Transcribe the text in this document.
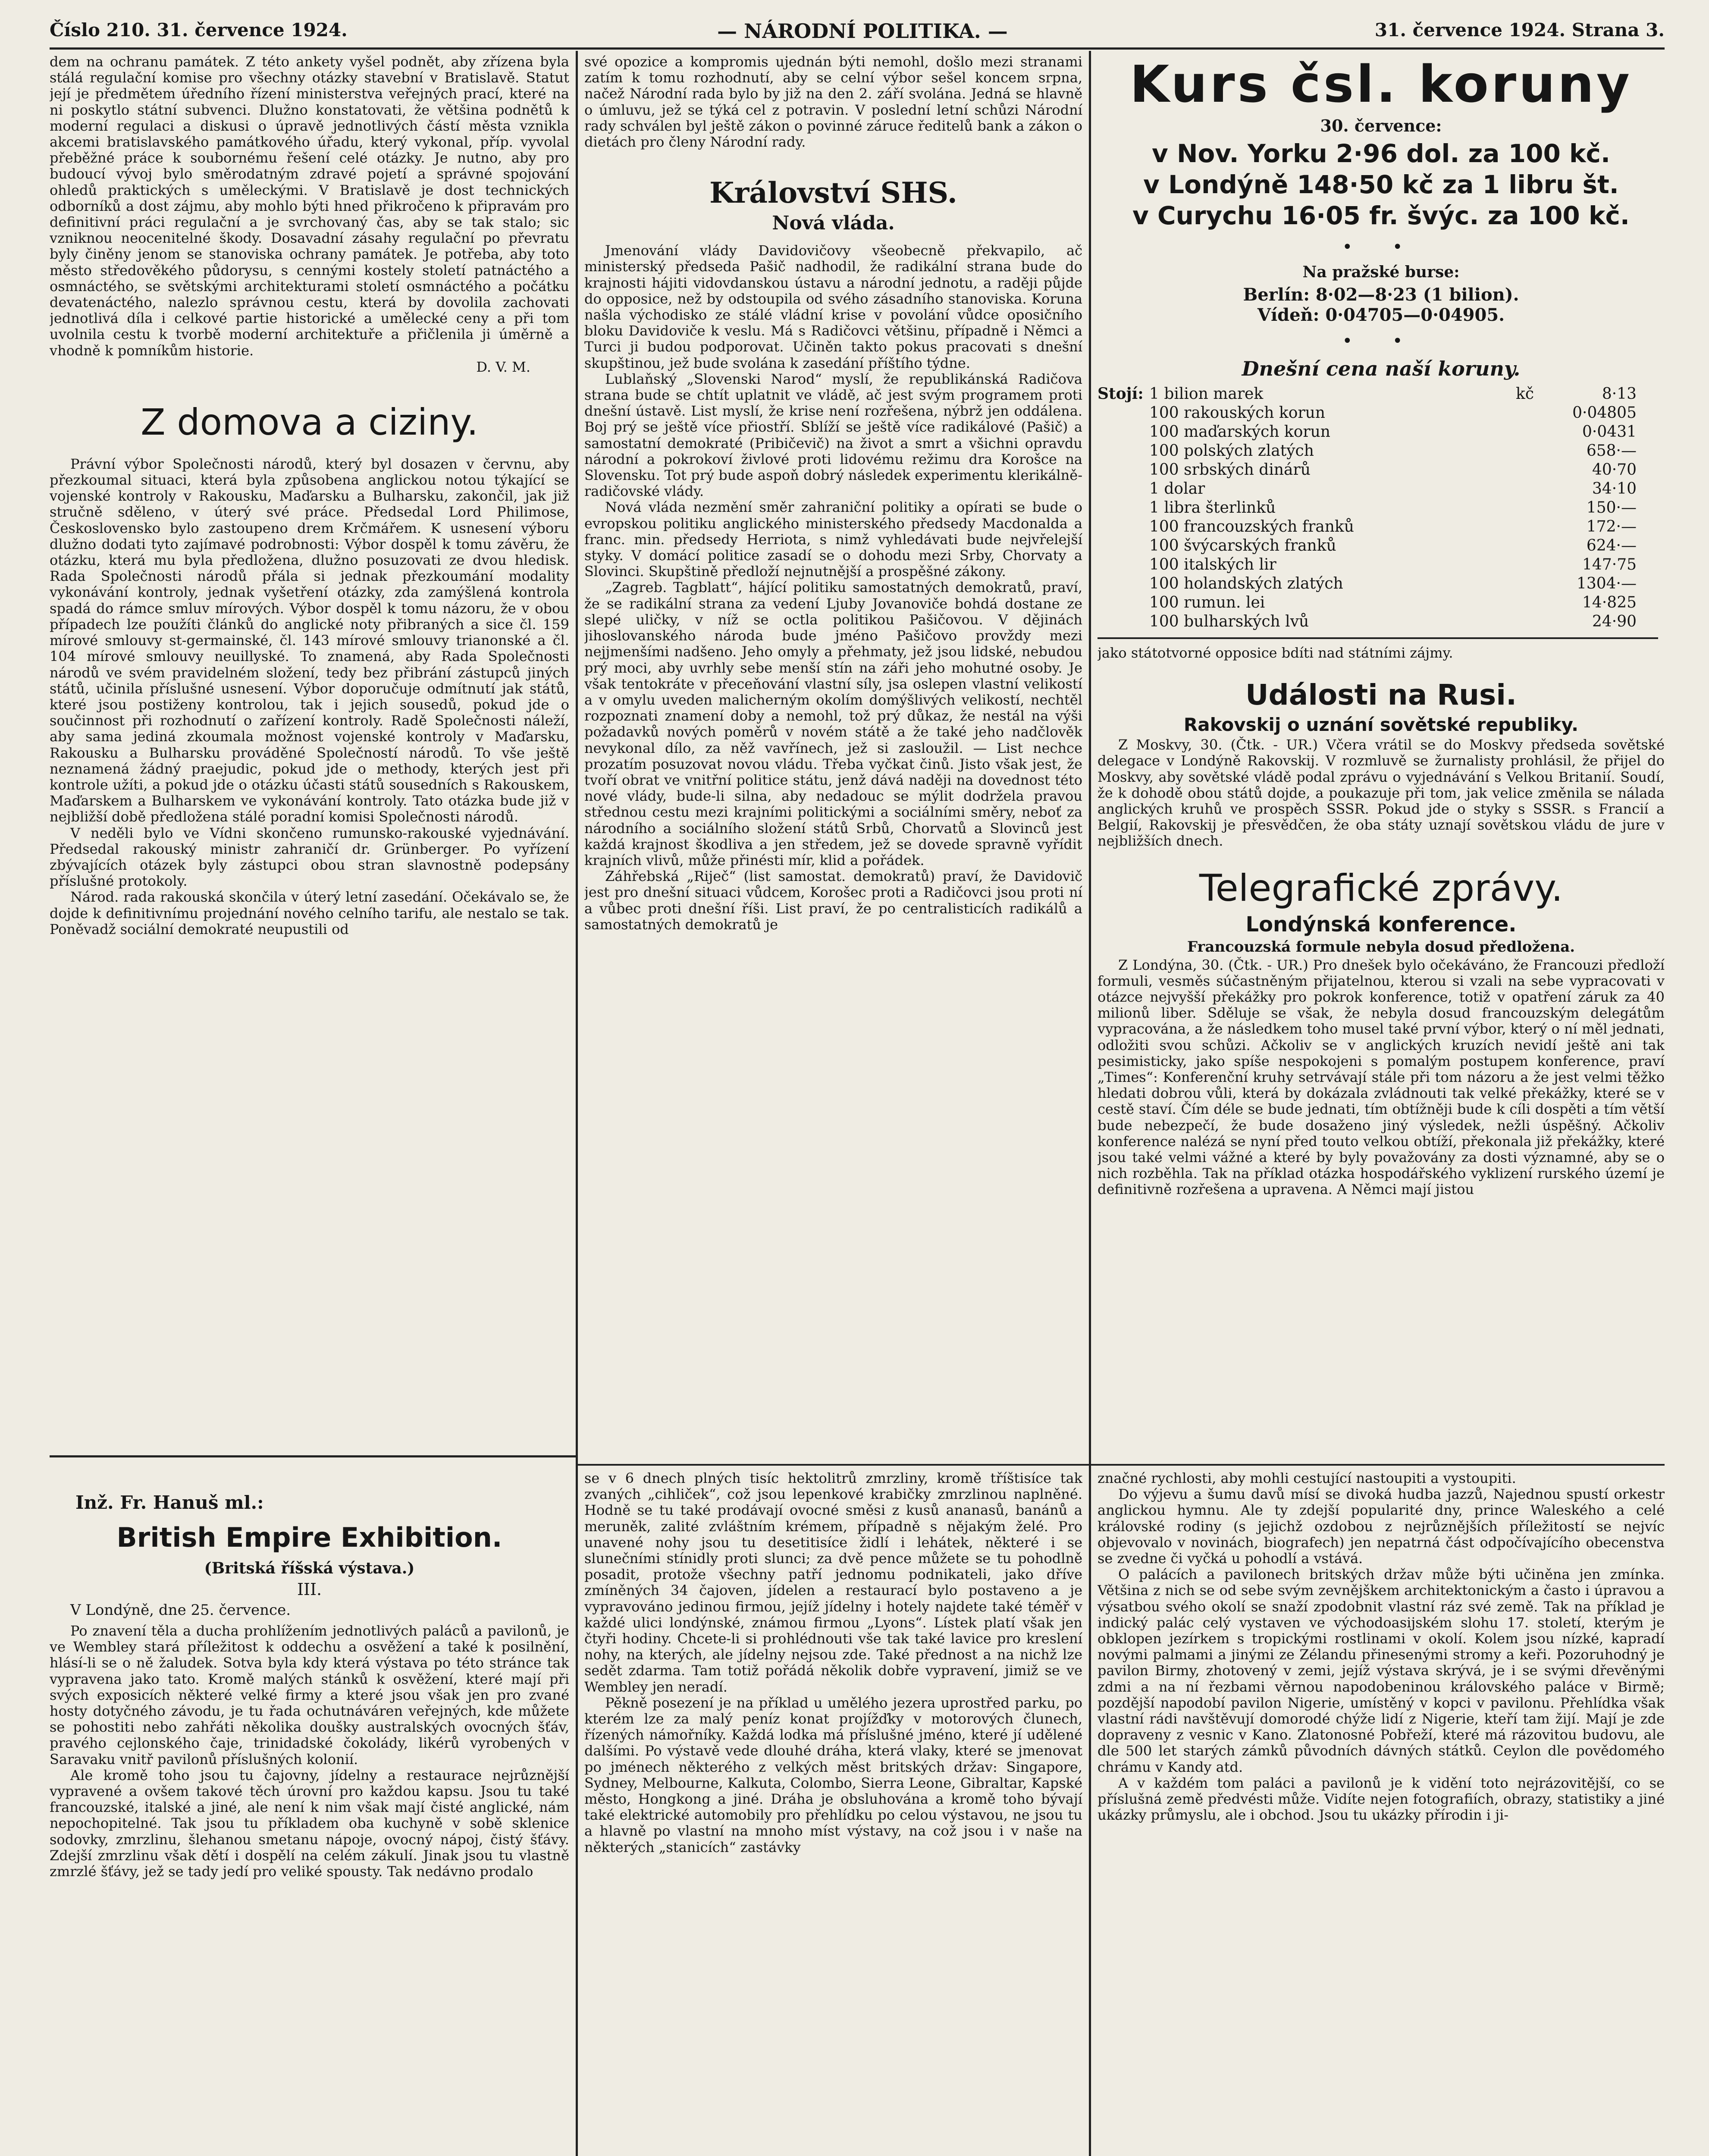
Číslo 210. 31. července 1924.	— NÁRODNÍ POLITIKA. —	31. července 1924. Strana 3.
dem na ochranu památek. Z této ankety vyšel podnět, aby zřízena byla stálá regulační komise pro všechny otázky stavební v Bratislavě. Statut její je předmětem úředního řízení ministerstva veřejných prací, které na ni poskytlo státní subvenci. Dlužno konstatovati, že většina podnětů k moderní regulaci a diskusi o úpravě jednotlivých částí města vznikla akcemi bratislavského památkového úřadu, který vykonal, příp. vyvolal přeběžné práce k soubornému řešení celé otázky. Je nutno, aby pro budoucí vývoj bylo směrodatným zdravé pojetí a správné spojování ohledů praktických s uměleckými. V Bratislavě je dost technických odborníků a dost zájmu, aby mohlo býti hned přikročeno k připravám pro definitivní práci regulační a je svrchovaný čas, aby se tak stalo; sic vzniknou neocenitelné škody. Dosavadní zásahy regulační po převratu byly činěny jenom se stanoviska ochrany památek. Je potřeba, aby toto město středověkého půdorysu, s cennými kostely století patnáctého a osmnáctého, se světskými architekturami století osmnáctého a počátku devatenáctého, nalezlo správnou cestu, která by dovolila zachovati jednotlivá díla i celkové partie historické a umělecké ceny a při tom uvolnila cestu k tvorbě moderní architektuře a přičlenila ji úměrně a vhodně k pomníkům historie.
D. V. M.
Z domova a ciziny.

Právní výbor Společnosti národů, který byl dosazen v červnu, aby přezkoumal situaci, která byla způsobena anglickou notou týkající se vojenské kontroly v Rakousku, Maďarsku a Bulharsku, zakončil, jak již stručně sděleno, v úterý své práce. Předsedal Lord Philimose, Československo bylo zastoupeno drem Krčmářem. K usnesení výboru dlužno dodati tyto zajímavé podrobnosti: Výbor dospěl k tomu závěru, že otázku, která mu byla předložena, dlužno posuzovati ze dvou hledisk. Rada Společnosti národů přála si jednak přezkoumání modality vykonávání kontroly, jednak vyšetření otázky, zda zamýšlená kontrola spadá do rámce smluv mírových. Výbor dospěl k tomu názoru, že v obou případech lze použíti článků do anglické noty přibraných a sice čl. 159 mírové smlouvy st-germainské, čl. 143 mírové smlouvy trianonské a čl. 104 mírové smlouvy neuillyské. To znamená, aby Rada Společnosti národů ve svém pravidelném složení, tedy bez přibrání zástupců jiných států, učinila příslušné usnesení. Výbor doporučuje odmítnutí jak států, které jsou postiženy kontrolou, tak i jejich sousedů, pokud jde o součinnost při rozhodnutí o zařízení kontroly. Radě Společnosti náleží, aby sama jediná zkoumala možnost vojenské kontroly v Maďarsku, Rakousku a Bulharsku prováděné Společností národů. To vše ještě neznamená žádný praejudic, pokud jde o methody, kterých jest při kontrole užíti, a pokud jde o otázku účasti států sousedních s Rakouskem, Maďarskem a Bulharskem ve vykonávání kontroly. Tato otázka bude již v nejbližší době předložena stálé poradní komisi Společnosti národů.

V neděli bylo ve Vídni skončeno rumunsko-rakouské vyjednávání. Předsedal rakouský ministr zahraničí dr. Grünberger. Po vyřízení zbývajících otázek byly zástupci obou stran slavnostně podepsány příslušné protokoly.

Národ. rada rakouská skončila v úterý letní zasedání. Očekávalo se, že dojde k definitivnímu projednání nového celního tarifu, ale nestalo se tak. Poněvadž sociální demokraté neupustili od

své opozice a kompromis ujednán býti nemohl, došlo mezi stranami zatím k tomu rozhodnutí, aby se celní výbor sešel koncem srpna, načež Národní rada bylo by již na den 2. září svolána. Jedná se hlavně o úmluvu, jež se týká cel z potravin. V poslední letní schůzi Národní rady schválen byl ještě zákon o povinné záruce ředitelů bank a zákon o dietách pro členy Národní rady.
Království SHS.
Nová vláda.

Jmenování vlády Davidovičovy všeobecně překvapilo, ač ministerský předseda Pašič nadhodil, že radikální strana bude do krajnosti hájiti vidovdanskou ústavu a národní jednotu, a raději půjde do opposice, než by odstoupila od svého zásadního stanoviska. Koruna našla východisko ze stálé vládní krise v povolání vůdce oposičního bloku Davidoviče k veslu. Má s Radičovci většinu, případně i Němci a Turci ji budou podporovat. Učiněn takto pokus pracovati s dnešní skupštinou, jež bude svolána k zasedání příštího týdne.

Lublaňský „Slovenski Narod“ myslí, že republikánská Radičova strana bude se chtít uplatnit ve vládě, ač jest svým programem proti dnešní ústavě. List myslí, že krise není rozřešena, nýbrž jen oddálena. Boj prý se ještě více přiostří. Sblíží se ještě více radikálové (Pašič) a samostatní demokraté (Pribičevič) na život a smrt a všichni opravdu národní a pokrokoví živlové proti lidovému režimu dra Korošce na Slovensku. Tot prý bude aspoň dobrý následek experimentu klerikálně-radičovské vlády.

Nová vláda nezmění směr zahraniční politiky a opírati se bude o evropskou politiku anglického ministerského předsedy Macdonalda a franc. min. předsedy Herriota, s nimž vyhledávati bude nejvřelejší styky. V domácí politice zasadí se o dohodu mezi Srby, Chorvaty a Slovinci. Skupštině předloží nejnutnější a prospěšné zákony.

„Zagreb. Tagblatt“, hájící politiku samostatných demokratů, praví, že se radikální strana za vedení Ljuby Jovanoviče bohdá dostane ze slepé uličky, v níž se octla politikou Pašičovou. V dějinách jihoslovanského národa bude jméno Pašičovo provždy mezi nejjmenšími nadšeno. Jeho omyly a přehmaty, jež jsou lidské, nebudou prý moci, aby uvrhly sebe menší stín na záři jeho mohutné osoby. Je však tentokráte v přeceňování vlastní síly, jsa oslepen vlastní velikostí a v omylu uveden malicherným okolím domýšlivých velikostí, nechtěl rozpoznati znamení doby a nemohl, tož prý důkaz, že nestál na výši požadavků nových poměrů v novém státě a že také jeho nadčlověk nevykonal dílo, za něž vavřínech, jež si zasloužil. — List nechce prozatím posuzovat novou vládu. Třeba vyčkat činů. Jisto však jest, že tvoří obrat ve vnitřní politice státu, jenž dává naději na dovednost této nové vlády, bude-li silna, aby nedadouc se mýlit dodržela pravou střednou cestu mezi krajními politickými a sociálními směry, neboť za národního a sociálního složení států Srbů, Chorvatů a Slovinců jest každá krajnost škodliva a jen středem, jež se dovede spravně vyřídit krajních vlivů, může přinésti mír, klid a pořádek.

Záhřebská „Riječ“ (list samostat. demokratů) praví, že Davidovič jest pro dnešní situaci vůdcem, Korošec proti a Radičovci jsou proti ní a vůbec proti dnešní říši. List praví, že po centralisticích radikálů a samostatných demokratů je

Kurs čsl. koruny
30. července:
v Nov. Yorku 2·96 dol. za 100 kč.
v Londýně 148·50 kč za 1 libru št.
v Curychu 16·05 fr. švýc. za 100 kč.
• •
Na pražské burse:
Berlín: 8·02—8·23 (1 bilion).
Vídeň: 0·04705—0·04905.
• •
Dnešní cena naší koruny.
Stojí: 1 bilion marek	kč	8·13
100 rakouských korun		0·04805
100 maďarských korun		0·0431
100 polských zlatých		658·—
100 srbských dinárů		40·70
1 dolar		34·10
1 libra šterlinků		150·—
100 francouzských franků		172·—
100 švýcarských franků		624·—
100 italských lir		147·75
100 holandských zlatých		1304·—
100 rumun. lei		14·825
100 bulharských lvů		24·90
jako státotvorné opposice bdíti nad státními zájmy.
Události na Rusi.
Rakovskij o uznání sovětské republiky.

Z Moskvy, 30. (Čtk. - UR.) Včera vrátil se do Moskvy předseda sovětské delegace v Londýně Rakovskij. V rozmluvě se žurnalisty prohlásil, že přijel do Moskvy, aby sovětské vládě podal zprávu o vyjednávání s Velkou Britanií. Soudí, že k dohodě obou států dojde, a poukazuje při tom, jak velice změnila se nálada anglických kruhů ve prospěch SSSR. Pokud jde o styky s SSSR. s Francií a Belgií, Rakovskij je přesvědčen, že oba státy uznají sovětskou vládu de jure v nejbližších dnech.

Telegrafické zprávy.
Londýnská konference.
Francouzská formule nebyla dosud předložena.

Z Londýna, 30. (Čtk. - UR.) Pro dnešek bylo očekáváno, že Francouzi předloží formuli, vesměs súčastněným přijatelnou, kterou si vzali na sebe vypracovati v otázce nejvyšší překážky pro pokrok konference, totiž v opatření záruk za 40 milionů liber. Sděluje se však, že nebyla dosud francouzským delegátům vypracována, a že následkem toho musel také první výbor, který o ní měl jednati, odložiti svou schůzi. Ačkoliv se v anglických kruzích nevidí ještě ani tak pesimisticky, jako spíše nespokojeni s pomalým postupem konference, praví „Times“: Konferenční kruhy setrvávají stále při tom názoru a že jest velmi těžko hledati dobrou vůli, která by dokázala zvládnouti tak velké překážky, které se v cestě staví. Čím déle se bude jednati, tím obtížněji bude k cíli dospěti a tím větší bude nebezpečí, že bude dosaženo jiný výsledek, nežli úspěšný. Ačkoliv konference nalézá se nyní před touto velkou obtíží, překonala již překážky, které jsou také velmi vážné a které by byly považovány za dosti významné, aby se o nich rozběhla. Tak na příklad otázka hospodářského vyklizení rurského území je definitivně rozřešena a upravena. A Němci mají jistou

Inž. Fr. Hanuš ml.:
British Empire Exhibition.
(Britská říšská výstava.)
III.
V Londýně, dne 25. července.

Po znavení těla a ducha prohlížením jednotlivých paláců a pavilonů, je ve Wembley stará příležitost k oddechu a osvěžení a také k posilnění, hlásí-li se o ně žaludek. Sotva byla kdy která výstava po této stránce tak vypravena jako tato. Kromě malých stánků k osvěžení, které mají při svých exposicích některé velké firmy a které jsou však jen pro zvané hosty dotyčného závodu, je tu řada ochutnáváren veřejných, kde můžete se pohostiti nebo zahřáti několika doušky australských ovocných šťáv, pravého cejlonského čaje, trinidadské čokolády, likérů vyrobených v Saravaku vnitř pavilonů příslušných kolonií.

Ale kromě toho jsou tu čajovny, jídelny a restaurace nejrůznější vypravené a ovšem takové těch úrovní pro každou kapsu. Jsou tu také francouzské, italské a jiné, ale není k nim však mají čisté anglické, nám nepochopitelné. Tak jsou tu příkladem oba kuchyně v sobě sklenice sodovky, zmrzlinu, šlehanou smetanu nápoje, ovocný nápoj, čistý šťávy. Zdejší zmrzlinu však dětí i dospělí na celém zákulí. Jinak jsou tu vlastně zmrzlé šťávy, jež se tady jedí pro veliké spousty. Tak nedávno prodalo

se v 6 dnech plných tisíc hektolitrů zmrzliny, kromě tříštisíce tak zvaných „cihliček“, což jsou lepenkové krabičky zmrzlinou naplněné. Hodně se tu také prodávají ovocné směsi z kusů ananasů, banánů a meruněk, zalité zvláštním krémem, případně s nějakým želé. Pro unavené nohy jsou tu desetitisíce židlí i lehátek, některé i se slunečními stínidly proti slunci; za dvě pence můžete se tu pohodlně posadit, protože všechny patří jednomu podnikateli, jako dříve zmíněných 34 čajoven, jídelen a restaurací bylo postaveno a je vypravováno jedinou firmou, jejíž jídelny i hotely najdete také téměř v každé ulici londýnské, známou firmou „Lyons“. Lístek platí však jen čtyři hodiny. Chcete-li si prohlédnouti vše tak také lavice pro kreslení nohy, na kterých, ale jídelny nejsou zde. Také přednost a na nichž lze sedět zdarma. Tam totiž pořádá několik dobře vypravení, jimiž se ve Wembley jen neradí.

Pěkně posezení je na příklad u umělého jezera uprostřed parku, po kterém lze za malý peníz konat projížďky v motorových člunech, řízených námořníky. Každá lodka má příslušné jméno, které jí udělené dalšími. Po výstavě vede dlouhé dráha, která vlaky, které se jmenovat po jménech některého z velkých měst britských držav: Singapore, Sydney, Melbourne, Kalkuta, Colombo, Sierra Leone, Gibraltar, Kapské město, Hongkong a jiné. Dráha je obsluhována a kromě toho bývají také elektrické automobily pro přehlídku po celou výstavou, ne jsou tu a hlavně po vlastní na mnoho míst výstavy, na což jsou i v naše na některých „stanicích“ zastávky

značné rychlosti, aby mohli cestující nastoupiti a vystoupiti.

Do výjevu a šumu davů mísí se divoká hudba jazzů, Najednou spustí orkestr anglickou hymnu. Ale ty zdejší popularité dny, prince Waleského a celé královské rodiny (s jejichž ozdobou z nejrůznějších příležitostí se nejvíc objevovalo v novinách, biografech) jen nepatrná část odpočívajícího obecenstva se zvedne či vyčká u pohodlí a vstává.

O palácích a pavilonech britských držav může býti učiněna jen zmínka. Většina z nich se od sebe svým zevnějškem architektonickým a často i úpravou a výsatbou svého okolí se snaží zpodobnit vlastní ráz své země. Tak na příklad je indický palác celý vystaven ve východoasijském slohu 17. století, kterým je obklopen jezírkem s tropickými rostlinami v okolí. Kolem jsou nízké, kapradí novými palmami a jinými ze Zélandu přinesenými stromy a keři. Pozoruhodný je pavilon Birmy, zhotovený v zemi, jejíž výstava skrývá, je i se svými dřevěnými zdmi a na ní řezbami věrnou napodobeninou královského paláce v Birmě; pozdější napodobí pavilon Nigerie, umístěný v kopci v pavilonu. Přehlídka však vlastní rádi navštěvují domorodé chýže lidí z Nigerie, kteří tam žijí. Mají je zde dopraveny z vesnic v Kano. Zlatonosné Pobřeží, které má rázovitou budovu, ale dle 500 let starých zámků původních dávných státků. Ceylon dle povědomého chrámu v Kandy atd.

A v každém tom paláci a pavilonů je k vidění toto nejrázovitější, co se příslušná země předvésti může. Vidíte nejen fotografiích, obrazy, statistiky a jiné ukázky průmyslu, ale i obchod. Jsou tu ukázky přírodin i ji-
